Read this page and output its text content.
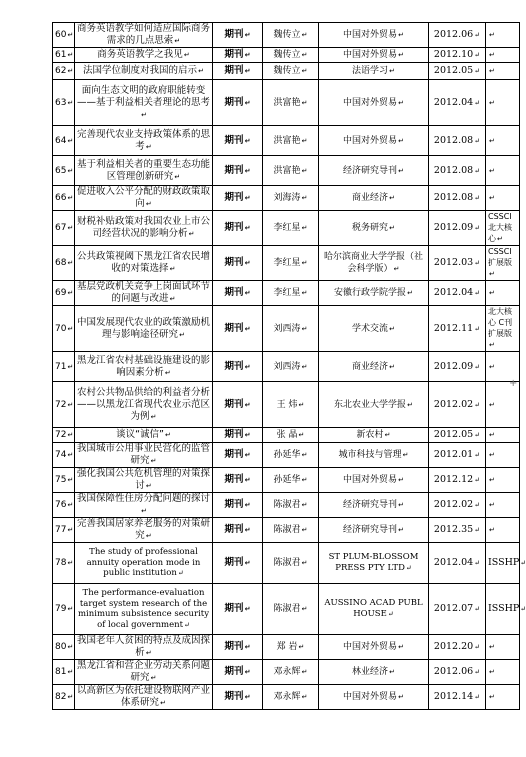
60↵	商务英语教学如何适应国际商务需求的几点思索↵	期刊↵	魏传立↵	中国对外贸易↵	2012.06↵	↵
61↵	商务英语教学之我见↵	期刊↵	魏传立↵	中国对外贸易↵	2012.10↵	↵
62↵	法国学位制度对我国的启示↵	期刊↵	魏传立↵	法语学习↵	2012.05↵	↵
63↵	面向生态文明的政府职能转变——基于利益相关者理论的思考↵	期刊↵	洪富艳↵	中国对外贸易↵	2012.04↵	↵
64↵	完善现代农业支持政策体系的思考↵	期刊↵	洪富艳↵	中国对外贸易↵	2012.08↵	↵
65↵	基于利益相关者的重要生态功能区管理创新研究↵	期刊↵	洪富艳↵	经济研究导刊↵	2012.08↵	↵
66↵	促进收入公平分配的财政政策取向↵	期刊↵	刘海涛↵	商业经济↵	2012.08↵	↵
67↵	财税补贴政策对我国农业上市公司经营状况的影响分析↵	期刊↵	李红星↵	税务研究↵	2012.09↵	CSSCI 北大核心↵
68↵	公共政策视阈下黑龙江省农民增收的对策选择↵	期刊↵	李红星↵	哈尔滨商业大学学报（社会科学版）↵	2012.03↵	CSSCI 扩展版↵
69↵	基层党政机关竞争上岗面试环节的问题与改进↵	期刊↵	李红星↵	安徽行政学院学报↵	2012.04↵	↵
70↵	中国发展现代农业的政策激励机理与影响途径研究↵	期刊↵	刘西涛↵	学术交流↵	2012.11↵	北大核心 C刊扩展版↵
71↵	黑龙江省农村基础设施建设的影响因素分析↵	期刊↵	刘西涛↵	商业经济↵	2012.09↵	↵
72↵	农村公共物品供给的利益者分析——以黑龙江省现代农业示范区为例↵	期刊↵	王 炜↵	东北农业大学学报↵	2012.02↵	↵
72↵	谈议“诚信”↵	期刊↵	张 晶↵	新农村↵	2012.05↵	↵
74↵	我国城市公用事业民营化的监管研究↵	期刊↵	孙延华↵	城市科技与管理↵	2012.01↵	↵
75↵	强化我国公共危机管理的对策探讨↵	期刊↵	孙延华↵	中国对外贸易↵	2012.12↵	↵
76↵	我国保障性住房分配问题的探讨↵	期刊↵	陈淑君↵	经济研究导刊↵	2012.02↵	↵
77↵	完善我国居家养老服务的对策研究↵	期刊↵	陈淑君↵	经济研究导刊↵	2012.35↵	↵
78↵	The study of professional annuity operation mode in public institution↵	期刊↵	陈淑君↵	ST PLUM-BLOSSOM PRESS PTY LTD↵	2012.04↵	ISSHP↵
79↵	The performance-evaluation target system research of the minimum subsistence security of local government↵	期刊↵	陈淑君↵	AUSSINO ACAD PUBL HOUSE↵	2012.07↵	ISSHP↵
80↵	我国老年人贫困的特点及成因探析↵	期刊↵	郑 岩↵	中国对外贸易↵	2012.20↵	↵
81↵	黑龙江省和营企业劳动关系问题研究↵	期刊↵	邓永辉↵	林业经济↵	2012.06↵	↵
82↵	以高新区为依托建设物联网产业体系研究↵	期刊↵	邓永辉↵	中国对外贸易↵	2012.14↵	↵
+
